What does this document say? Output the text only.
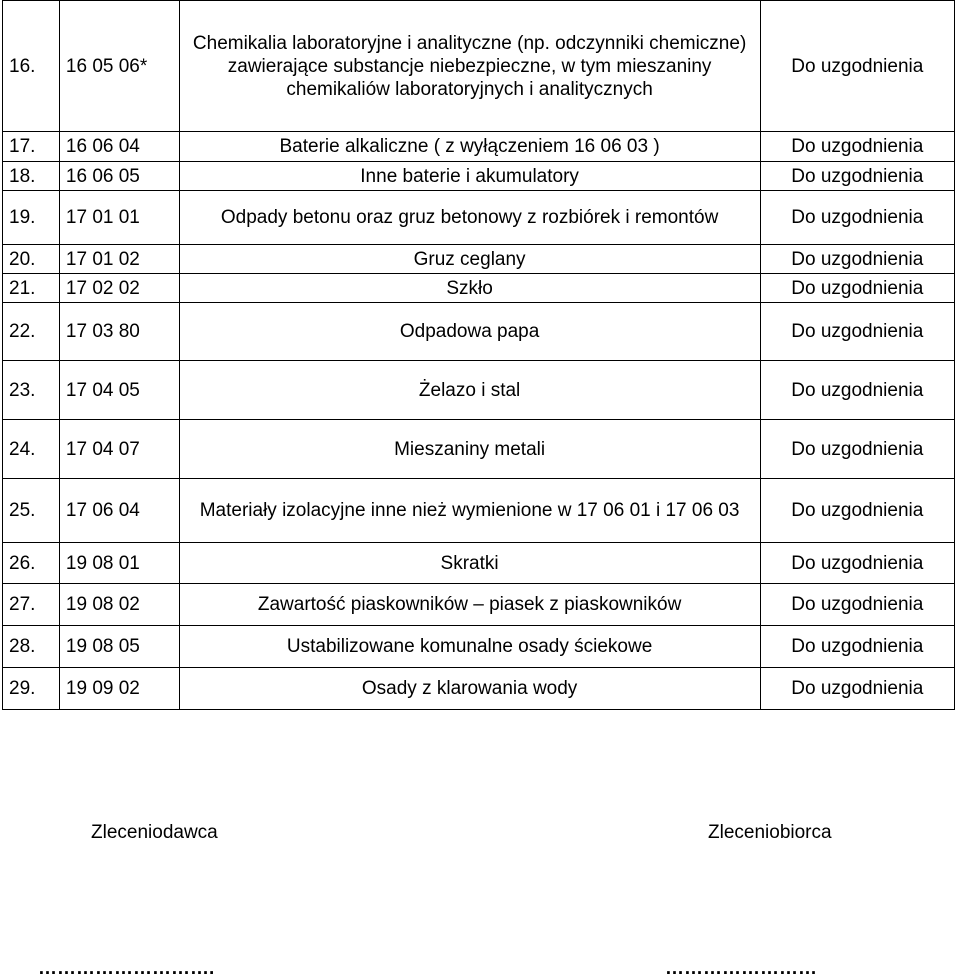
16.	16 05 06*	Chemikalia laboratoryjne i analityczne (np. odczynniki chemiczne) zawierające substancje niebezpieczne, w tym mieszaniny chemikaliów laboratoryjnych i analitycznych	Do uzgodnienia
17.	16 06 04	Baterie alkaliczne ( z wyłączeniem 16 06 03 )	Do uzgodnienia
18.	16 06 05	Inne baterie i akumulatory	Do uzgodnienia
19.	17 01 01	Odpady betonu oraz gruz betonowy z rozbiórek i remontów	Do uzgodnienia
20.	17 01 02	Gruz ceglany	Do uzgodnienia
21.	17 02 02	Szkło	Do uzgodnienia
22.	17 03 80	Odpadowa papa	Do uzgodnienia
23.	17 04 05	Żelazo i stal	Do uzgodnienia
24.	17 04 07	Mieszaniny metali	Do uzgodnienia
25.	17 06 04	Materiały izolacyjne inne nież wymienione w 17 06 01 i 17 06 03	Do uzgodnienia
26.	19 08 01	Skratki	Do uzgodnienia
27.	19 08 02	Zawartość piaskowników – piasek z piaskowników	Do uzgodnienia
28.	19 08 05	Ustabilizowane komunalne osady ściekowe	Do uzgodnienia
29.	19 09 02	Osady z klarowania wody	Do uzgodnienia
Zleceniodawca	Zleceniobiorca
……………………….	……………………
